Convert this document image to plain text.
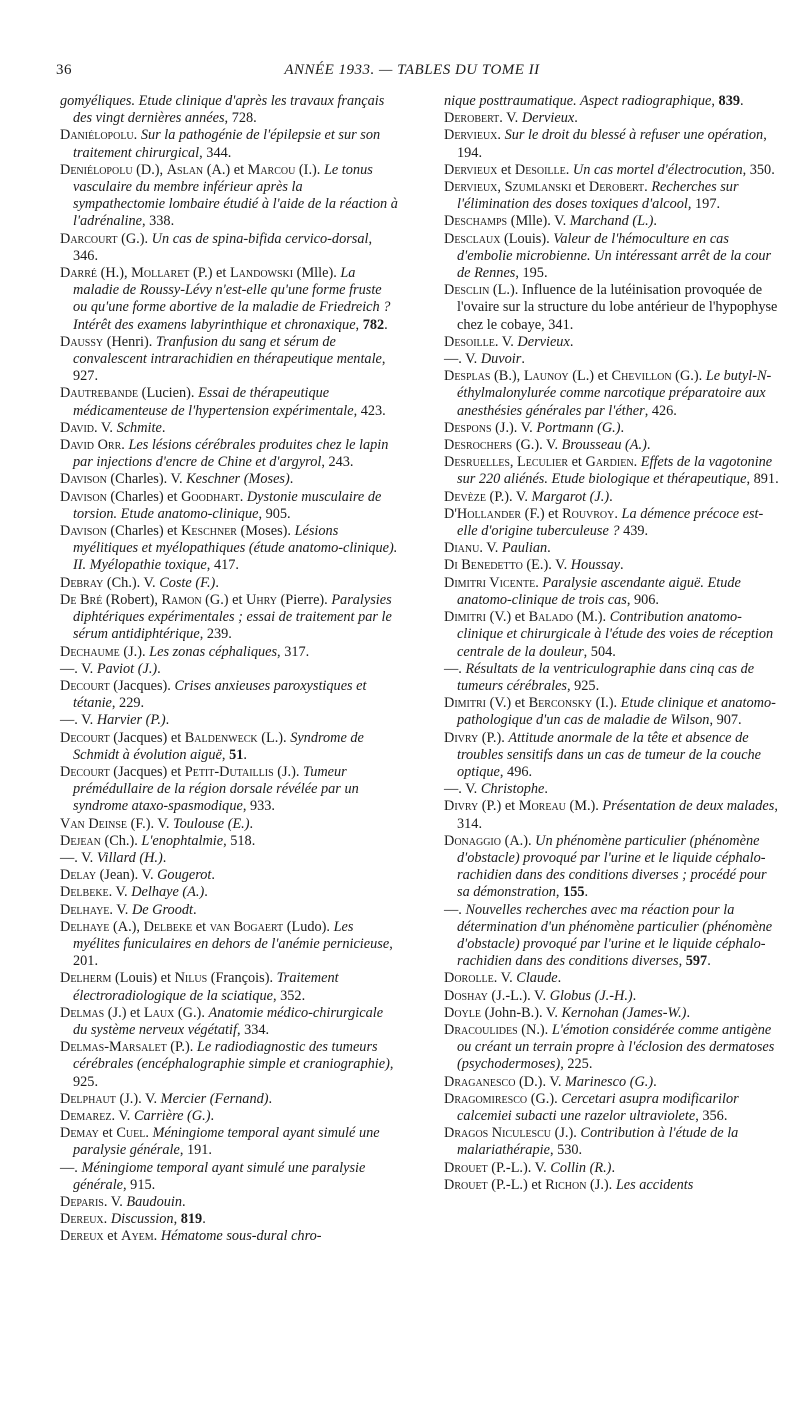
36	ANNÉE 1933. — TABLES DU TOME II

gomyéliques. Etude clinique d'après les travaux français des vingt dernières années, 728.

Daniélopolu. Sur la pathogénie de l'épilepsie et sur son traitement chirurgical, 344.

Deniélopolu (D.), Aslan (A.) et Marcou (I.). Le tonus vasculaire du membre inférieur après la sympathectomie lombaire étudié à l'aide de la réaction à l'adrénaline, 338.

Darcourt (G.). Un cas de spina-bifida cervico-dorsal, 346.

Darré (H.), Mollaret (P.) et Landowski (Mlle). La maladie de Roussy-Lévy n'est-elle qu'une forme fruste ou qu'une forme abortive de la maladie de Friedreich ? Intérêt des examens labyrinthique et chronaxique, 782.

Daussy (Henri). Tranfusion du sang et sérum de convalescent intrarachidien en thérapeutique mentale, 927.

Dautrebande (Lucien). Essai de thérapeutique médicamenteuse de l'hypertension expérimentale, 423.

David. V. Schmite.

David Orr. Les lésions cérébrales produites chez le lapin par injections d'encre de Chine et d'argyrol, 243.

Davison (Charles). V. Keschner (Moses).

Davison (Charles) et Goodhart. Dystonie musculaire de torsion. Etude anatomo-clinique, 905.

Davison (Charles) et Keschner (Moses). Lésions myélitiques et myélopathiques (étude anatomo-clinique). II. Myélopathie toxique, 417.

Debray (Ch.). V. Coste (F.).

De Bré (Robert), Ramon (G.) et Uhry (Pierre). Paralysies diphtériques expérimentales ; essai de traitement par le sérum antidiphtérique, 239.

Dechaume (J.). Les zonas céphaliques, 317.

—. V. Paviot (J.).

Decourt (Jacques). Crises anxieuses paroxystiques et tétanie, 229.

—. V. Harvier (P.).

Decourt (Jacques) et Baldenweck (L.). Syndrome de Schmidt à évolution aiguë, 51.

Decourt (Jacques) et Petit-Dutaillis (J.). Tumeur prémédullaire de la région dorsale révélée par un syndrome ataxo-spasmodique, 933.

Van Deinse (F.). V. Toulouse (E.).

Dejean (Ch.). L'enophtalmie, 518.

—. V. Villard (H.).

Delay (Jean). V. Gougerot.

Delbeke. V. Delhaye (A.).

Delhaye. V. De Groodt.

Delhaye (A.), Delbeke et van Bogaert (Ludo). Les myélites funiculaires en dehors de l'anémie pernicieuse, 201.

Delherm (Louis) et Nilus (François). Traitement électroradiologique de la sciatique, 352.

Delmas (J.) et Laux (G.). Anatomie médico-chirurgicale du système nerveux végétatif, 334.

Delmas-Marsalet (P.). Le radiodiagnostic des tumeurs cérébrales (encéphalographie simple et craniographie), 925.

Delphaut (J.). V. Mercier (Fernand).

Demarez. V. Carrière (G.).

Demay et Cuel. Méningiome temporal ayant simulé une paralysie générale, 191.

—. Méningiome temporal ayant simulé une paralysie générale, 915.

Deparis. V. Baudouin.

Dereux. Discussion, 819.

Dereux et Ayem. Hématome sous-dural chro-

nique posttraumatique. Aspect radiographique, 839.

Derobert. V. Dervieux.

Dervieux. Sur le droit du blessé à refuser une opération, 194.

Dervieux et Desoille. Un cas mortel d'électrocution, 350.

Dervieux, Szumlanski et Derobert. Recherches sur l'élimination des doses toxiques d'alcool, 197.

Deschamps (Mlle). V. Marchand (L.).

Desclaux (Louis). Valeur de l'hémoculture en cas d'embolie microbienne. Un intéressant arrêt de la cour de Rennes, 195.

Desclin (L.). Influence de la lutéinisation provoquée de l'ovaire sur la structure du lobe antérieur de l'hypophyse chez le cobaye, 341.

Desoille. V. Dervieux.

—. V. Duvoir.

Desplas (B.), Launoy (L.) et Chevillon (G.). Le butyl-N-éthylmalonylurée comme narcotique préparatoire aux anesthésies générales par l'éther, 426.

Despons (J.). V. Portmann (G.).

Desrochers (G.). V. Brousseau (A.).

Desruelles, Leculier et Gardien. Effets de la vagotonine sur 220 aliénés. Etude biologique et thérapeutique, 891.

Devèze (P.). V. Margarot (J.).

D'Hollander (F.) et Rouvroy. La démence précoce est-elle d'origine tuberculeuse ? 439.

Dianu. V. Paulian.

Di Benedetto (E.). V. Houssay.

Dimitri Vicente. Paralysie ascendante aiguë. Etude anatomo-clinique de trois cas, 906.

Dimitri (V.) et Balado (M.). Contribution anatomo-clinique et chirurgicale à l'étude des voies de réception centrale de la douleur, 504.

—. Résultats de la ventriculographie dans cinq cas de tumeurs cérébrales, 925.

Dimitri (V.) et Berconsky (I.). Etude clinique et anatomo-pathologique d'un cas de maladie de Wilson, 907.

Divry (P.). Attitude anormale de la tête et absence de troubles sensitifs dans un cas de tumeur de la couche optique, 496.

—. V. Christophe.

Divry (P.) et Moreau (M.). Présentation de deux malades, 314.

Donaggio (A.). Un phénomène particulier (phénomène d'obstacle) provoqué par l'urine et le liquide céphalo-rachidien dans des conditions diverses ; procédé pour sa démonstration, 155.

—. Nouvelles recherches avec ma réaction pour la détermination d'un phénomène particulier (phénomène d'obstacle) provoqué par l'urine et le liquide céphalo-rachidien dans des conditions diverses, 597.

Dorolle. V. Claude.

Doshay (J.-L.). V. Globus (J.-H.).

Doyle (John-B.). V. Kernohan (James-W.).

Dracoulides (N.). L'émotion considérée comme antigène ou créant un terrain propre à l'éclosion des dermatoses (psychodermoses), 225.

Draganesco (D.). V. Marinesco (G.).

Dragomiresco (G.). Cercetari asupra modificarilor calcemiei subacti une razelor ultraviolete, 356.

Dragos Niculescu (J.). Contribution à l'étude de la malariathérapie, 530.

Drouet (P.-L.). V. Collin (R.).

Drouet (P.-L.) et Richon (J.). Les accidents
